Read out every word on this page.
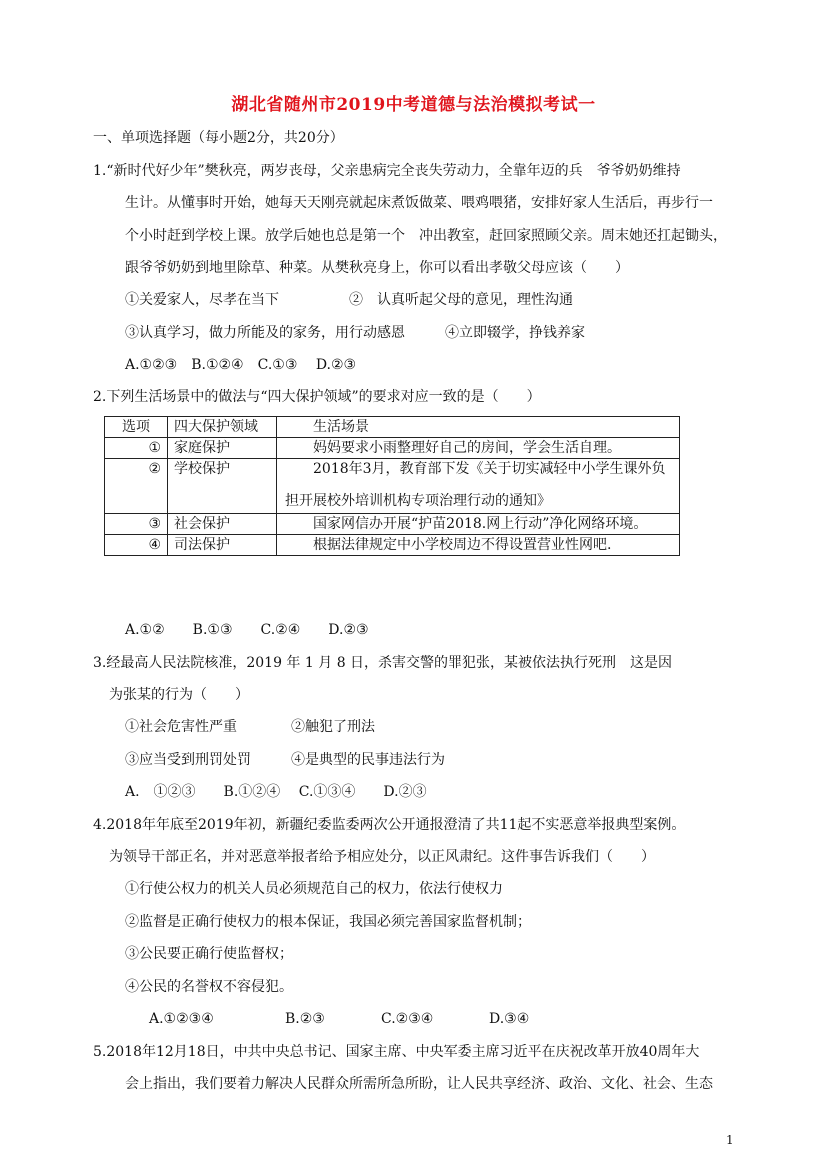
湖北省随州市2019中考道德与法治模拟考试一
一、单项选择题（每小题2分，共20分）
1.“新时代好少年”樊秋亮，两岁丧母，父亲患病完全丧失劳动力，全靠年迈的兵　爷爷奶奶维持
生计。从懂事时开始，她每天天刚亮就起床煮饭做菜、喂鸡喂猪，安排好家人生活后，再步行一
个小时赶到学校上课。放学后她也总是第一个　冲出教室，赶回家照顾父亲。周末她还扛起锄头，
跟爷爷奶奶到地里除草、种菜。从樊秋亮身上，你可以看出孝敬父母应该（　　）
①关爱家人，尽孝在当下	②　认真听起父母的意见，理性沟通
③认真学习，做力所能及的家务，用行动感恩	④立即辍学，挣钱养家
A.①②③　B.①②④　C.①③　 D.②③
2.下列生活场景中的做法与“四大保护领域”的要求对应一致的是（　　）
选项	四大保护领域	生活场景
①	家庭保护	妈妈要求小雨整理好自己的房间，学会生活自理。
②	学校保护	2018年3月，教育部下发《关于切实减轻中小学生课外负担开展校外培训机构专项治理行动的通知》

③	社会保护	国家网信办开展“护苗2018.网上行动”净化网络环境。
④	司法保护	根据法律规定中小学校周边不得设置营业性网吧.
A.①②　　B.①③　　C.②④　　D.②③
3.经最高人民法院核准，2019 年 1 月 8 日，杀害交警的罪犯张，某被依法执行死刑　这是因
为张某的行为（　　）
①社会危害性严重	②触犯了刑法
③应当受到刑罚处罚	④是典型的民事违法行为
A.　①②③　　B.①②④　 C.①③④　　D.②③
4.2018年年底至2019年初，新疆纪委监委两次公开通报澄清了共11起不实恶意举报典型案例。
为领导干部正名，并对恶意举报者给予相应处分，以正风肃纪。这件事告诉我们（　　）
①行使公权力的机关人员必须规范自己的权力，依法行使权力
②监督是正确行使权力的根本保证，我国必须完善国家监督机制；
③公民要正确行使监督权；
④公民的名誉权不容侵犯。
A.①②③④	B.②③	C.②③④	D.③④
5.2018年12月18日，中共中央总书记、国家主席、中央军委主席习近平在庆祝改革开放40周年大
会上指出，我们要着力解决人民群众所需所急所盼，让人民共享经济、政治、文化、社会、生态
1
